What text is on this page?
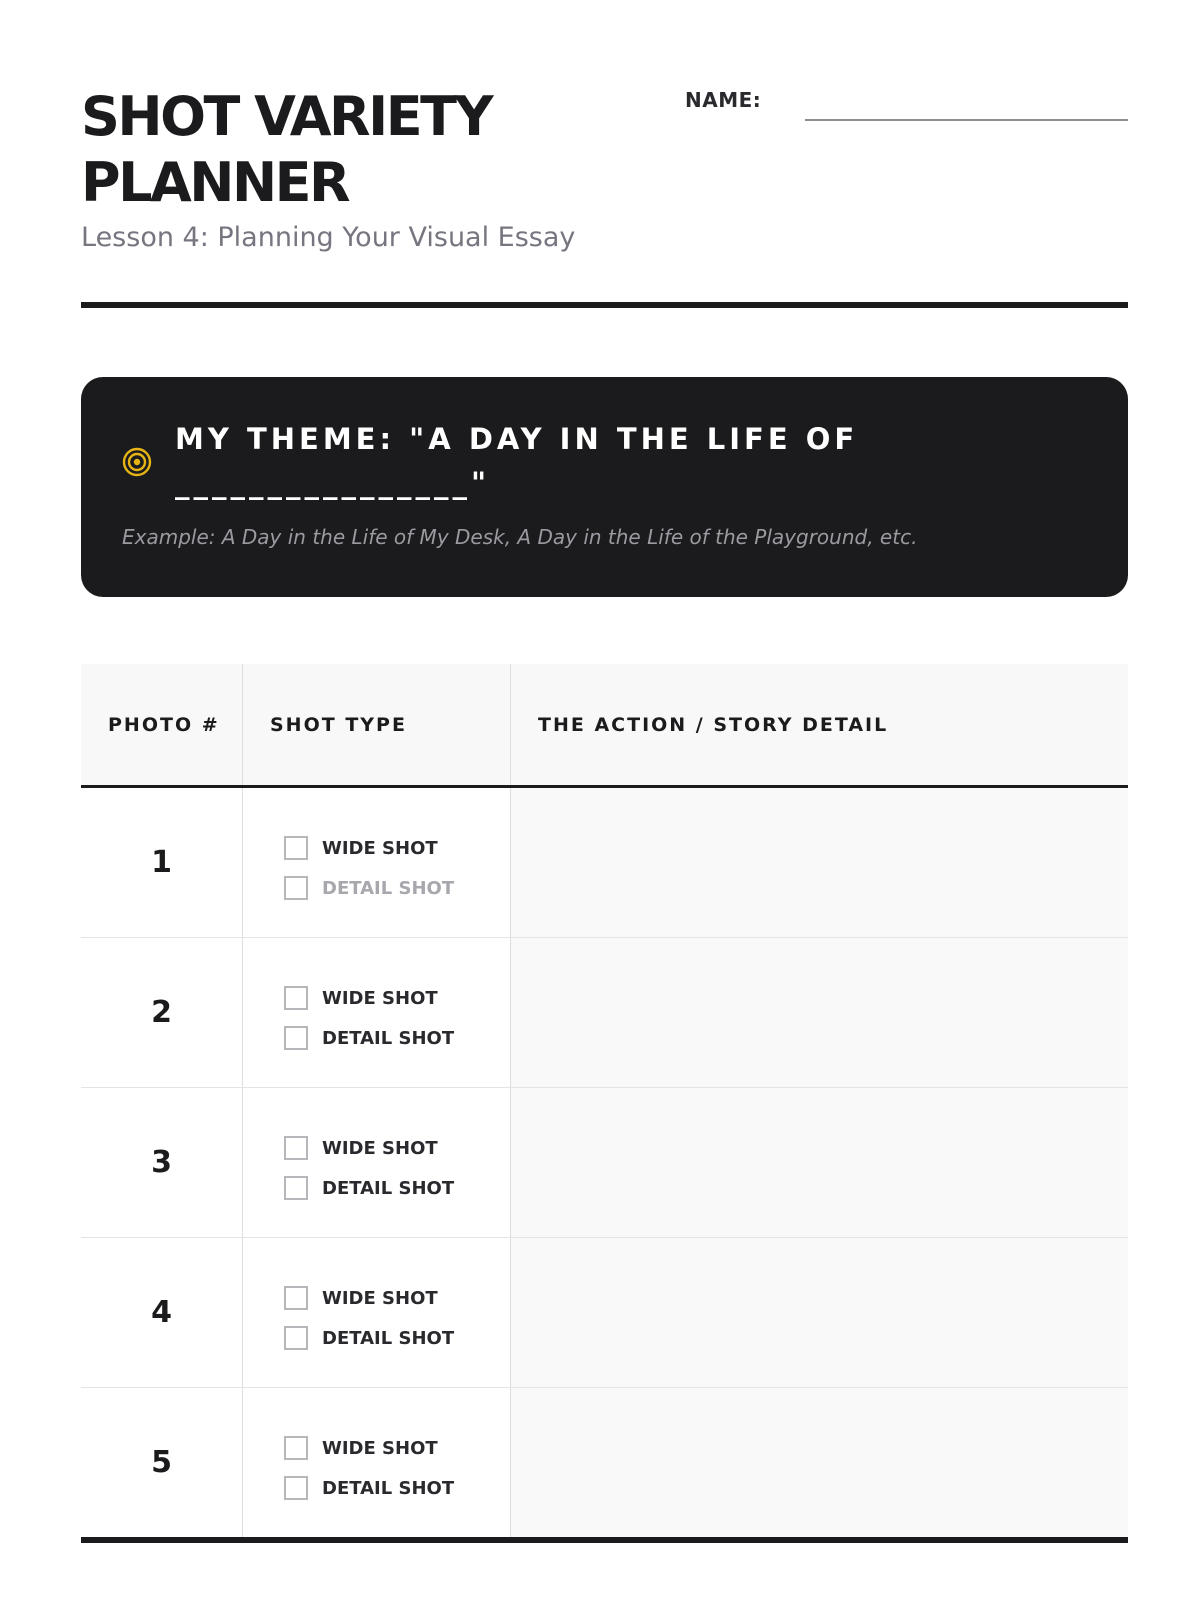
SHOT VARIETY
PLANNER

Lesson 4: Planning Your Visual Essay

NAME:
MY THEME: "A DAY IN THE LIFE OF
________________"
Example: A Day in the Life of My Desk, A Day in the Life of the Playground, etc.
PHOTO #	SHOT TYPE	THE ACTION / STORY DETAIL
1	WIDE SHOT
DETAIL SHOT
2	WIDE SHOT
DETAIL SHOT
3	WIDE SHOT
DETAIL SHOT
4	WIDE SHOT
DETAIL SHOT
5	WIDE SHOT
DETAIL SHOT
